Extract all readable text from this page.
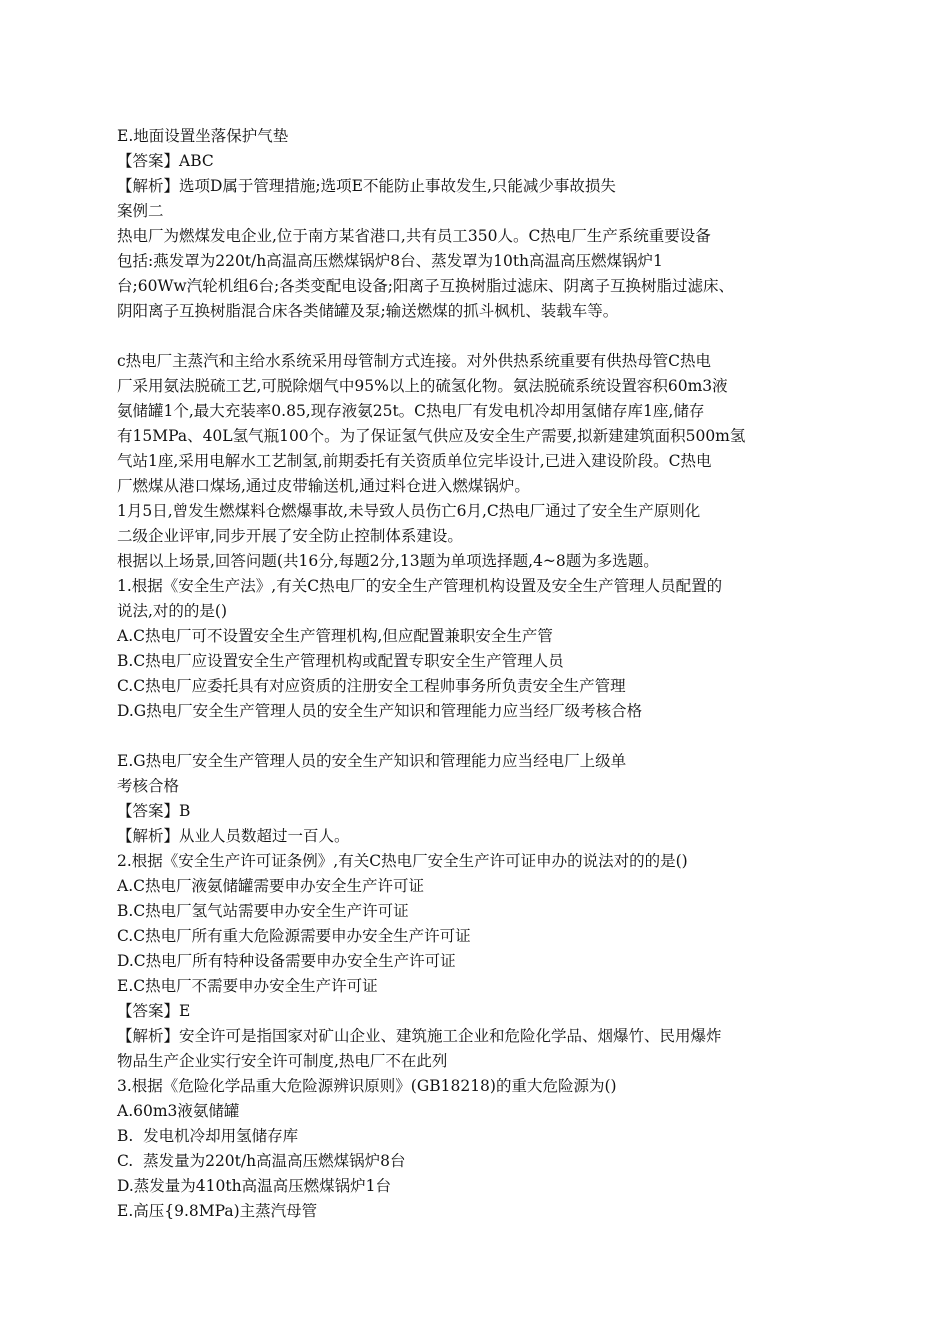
E.地面设置坐落保护气垫
【答案】ABC
【解析】选项D属于管理措施;选项E不能防止事故发生,只能减少事故损失
案例二
热电厂为燃煤发电企业,位于南方某省港口,共有员工350人。C热电厂生产系统重要设备
包括:燕发罩为220t/h高温高压燃煤锅炉8台、蒸发罩为10th高温高压燃煤锅炉1
台;60Ww汽轮机组6台;各类变配电设备;阳离子互换树脂过滤床、阴离子互换树脂过滤床、
阴阳离子互换树脂混合床各类储罐及泵;输送燃煤的抓斗枫机、装载车等。
c热电厂主蒸汽和主给水系统采用母管制方式连接。对外供热系统重要有供热母管C热电
厂采用氨法脱硫工艺,可脱除烟气中95%以上的硫氢化物。氨法脱硫系统设置容积60m3液
氨储罐1个,最大充装率0.85,现存液氨25t。C热电厂有发电机冷却用氢储存库1座,储存
有15MPa、40L氢气瓶100个。为了保证氢气供应及安全生产需要,拟新建建筑面积500m氢
气站1座,采用电解水工艺制氢,前期委托有关资质单位完毕设计,已进入建设阶段。C热电
厂燃煤从港口煤场,通过皮带输送机,通过料仓进入燃煤锅炉。
1月5日,曾发生燃煤料仓燃爆事故,未导致人员伤亡6月,C热电厂通过了安全生产原则化
二级企业评审,同步开展了安全防止控制体系建设。
根据以上场景,回答问题(共16分,每题2分,13题为单项选择题,4~8题为多选题。
1.根据《安全生产法》,有关C热电厂的安全生产管理机构设置及安全生产管理人员配置的
说法,对的的是()
A.C热电厂可不设置安全生产管理机构,但应配置兼职安全生产管
B.C热电厂应设置安全生产管理机构或配置专职安全生产管理人员
C.C热电厂应委托具有对应资质的注册安全工程帅事务所负责安全生产管理
D.G热电厂安全生产管理人员的安全生产知识和管理能力应当经厂级考核合格
E.G热电厂安全生产管理人员的安全生产知识和管理能力应当经电厂上级单
考核合格
【答案】B
【解析】从业人员数超过一百人。
2.根据《安全生产许可证条例》,有关C热电厂安全生产许可证申办的说法对的的是()
A.C热电厂液氨储罐需要申办安全生产许可证
B.C热电厂氢气站需要申办安全生产许可证
C.C热电厂所有重大危险源需要申办安全生产许可证
D.C热电厂所有特种设备需要申办安全生产许可证
E.C热电厂不需要申办安全生产许可证
【答案】E
【解析】安全许可是指国家对矿山企业、建筑施工企业和危险化学品、烟爆竹、民用爆炸
物品生产企业实行安全许可制度,热电厂不在此列
3.根据《危险化学品重大危险源辨识原则》(GB18218)的重大危险源为()
A.60m3液氨储罐
B.  发电机冷却用氢储存库
C.  蒸发量为220t/h高温高压燃煤锅炉8台
D.蒸发量为410th高温高压燃煤锅炉1台
E.高压{9.8MPa)主蒸汽母管
